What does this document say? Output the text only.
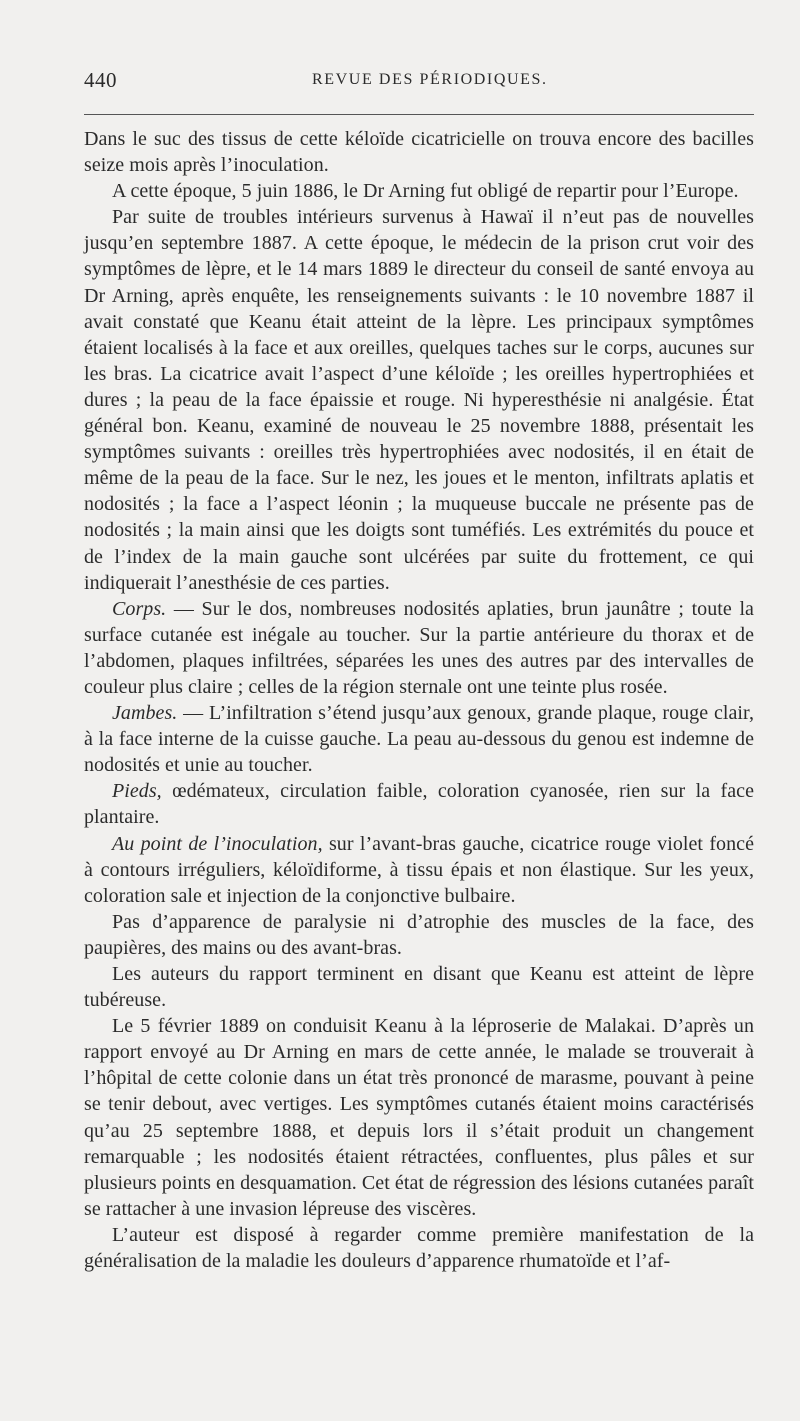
440	REVUE DES PÉRIODIQUES.

Dans le suc des tissus de cette kéloïde cicatricielle on trouva encore des bacilles seize mois après l’inoculation.

A cette époque, 5 juin 1886, le Dr Arning fut obligé de repartir pour l’Europe.

Par suite de troubles intérieurs survenus à Hawaï il n’eut pas de nouvelles jusqu’en septembre 1887. A cette époque, le médecin de la prison crut voir des symptômes de lèpre, et le 14 mars 1889 le directeur du conseil de santé envoya au Dr Arning, après enquête, les renseignements suivants : le 10 novembre 1887 il avait constaté que Keanu était atteint de la lèpre. Les principaux symptômes étaient localisés à la face et aux oreilles, quelques taches sur le corps, aucunes sur les bras. La cicatrice avait l’aspect d’une kéloïde ; les oreilles hypertrophiées et dures ; la peau de la face épaissie et rouge. Ni hyperesthésie ni analgésie. État général bon. Keanu, examiné de nouveau le 25 novembre 1888, présentait les symptômes suivants : oreilles très hypertrophiées avec nodosités, il en était de même de la peau de la face. Sur le nez, les joues et le menton, infiltrats aplatis et nodosités ; la face a l’aspect léonin ; la muqueuse buccale ne présente pas de nodosités ; la main ainsi que les doigts sont tuméfiés. Les extrémités du pouce et de l’index de la main gauche sont ulcérées par suite du frottement, ce qui indiquerait l’anesthésie de ces parties.

Corps. — Sur le dos, nombreuses nodosités aplaties, brun jaunâtre ; toute la surface cutanée est inégale au toucher. Sur la partie antérieure du thorax et de l’abdomen, plaques infiltrées, séparées les unes des autres par des intervalles de couleur plus claire ; celles de la région sternale ont une teinte plus rosée.

Jambes. — L’infiltration s’étend jusqu’aux genoux, grande plaque, rouge clair, à la face interne de la cuisse gauche. La peau au-dessous du genou est indemne de nodosités et unie au toucher.

Pieds, œdémateux, circulation faible, coloration cyanosée, rien sur la face plantaire.

Au point de l’inoculation, sur l’avant-bras gauche, cicatrice rouge violet foncé à contours irréguliers, kéloïdiforme, à tissu épais et non élastique. Sur les yeux, coloration sale et injection de la conjonctive bulbaire.

Pas d’apparence de paralysie ni d’atrophie des muscles de la face, des paupières, des mains ou des avant-bras.

Les auteurs du rapport terminent en disant que Keanu est atteint de lèpre tubéreuse.

Le 5 février 1889 on conduisit Keanu à la léproserie de Malakai. D’après un rapport envoyé au Dr Arning en mars de cette année, le malade se trouverait à l’hôpital de cette colonie dans un état très prononcé de marasme, pouvant à peine se tenir debout, avec vertiges. Les symptômes cutanés étaient moins caractérisés qu’au 25 septembre 1888, et depuis lors il s’était produit un changement remarquable ; les nodosités étaient rétractées, confluentes, plus pâles et sur plusieurs points en desquamation. Cet état de régression des lésions cutanées paraît se rattacher à une invasion lépreuse des viscères.

L’auteur est disposé à regarder comme première manifestation de la généralisation de la maladie les douleurs d’apparence rhumatoïde et l’af-
